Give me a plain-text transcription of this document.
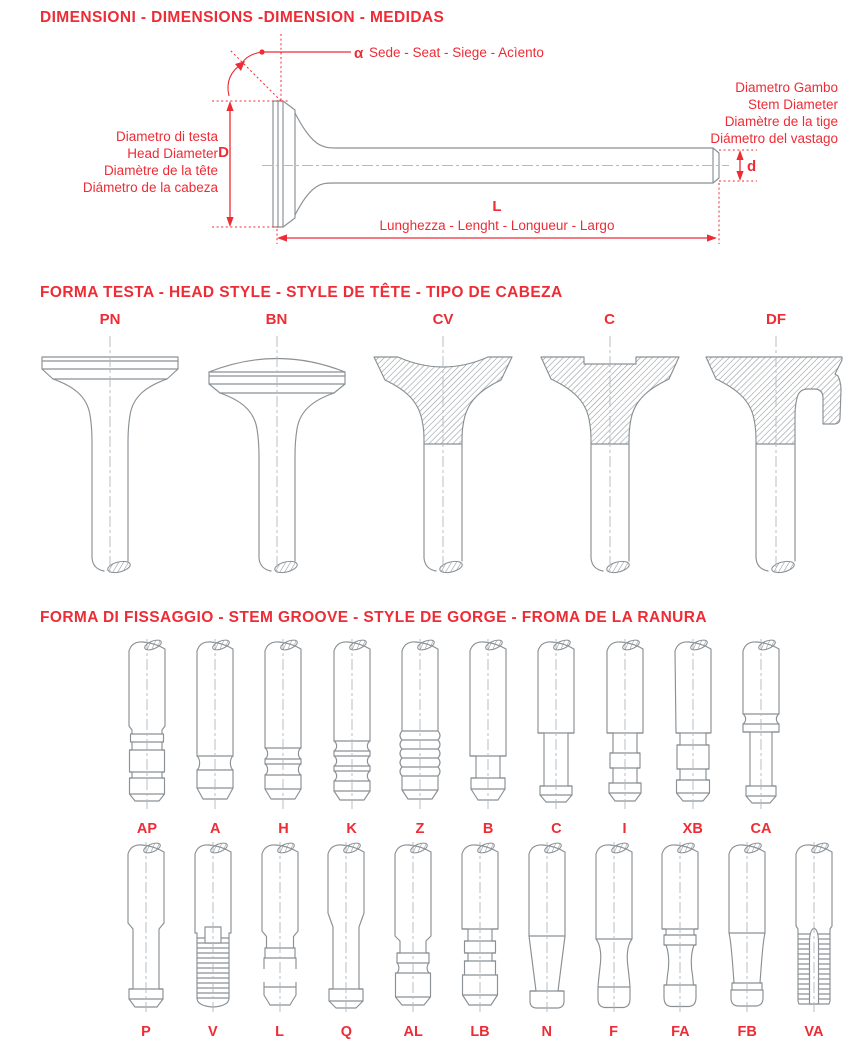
DIMENSIONI - DIMENSIONS -DIMENSION - MEDIDAS
α Sede - Seat - Siege - Acìento
D
Diametro di testa
Head Diameter
Diamètre de la tête
Diámetro de la cabeza
d
Diametro Gambo
Stem Diameter
Diamètre de la tige
Diámetro del vastago
L
Lunghezza - Lenght - Longueur - Largo
FORMA TESTA - HEAD STYLE - STYLE DE TÊTE - TIPO DE CABEZA
PN	BN	CV	C	DF
FORMA DI FISSAGGIO - STEM GROOVE - STYLE DE GORGE - FROMA DE LA RANURA
AP	A	H	K	Z	B	C	I	XB	CA
P	V	L	Q	AL	LB	N	F	FA	FB	VA
